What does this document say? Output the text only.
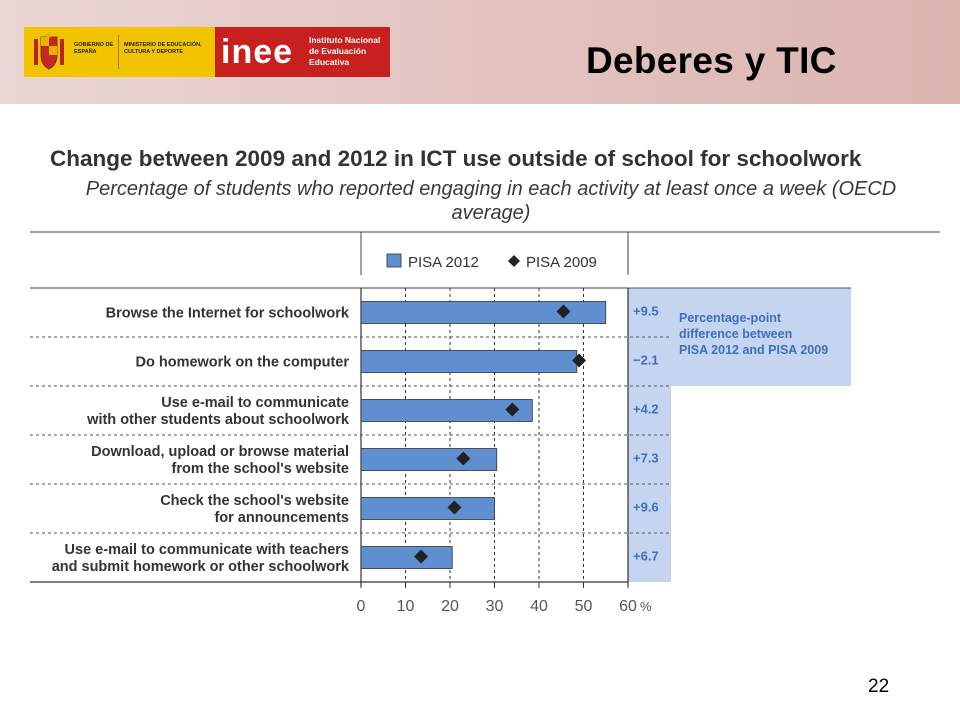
GOBIERNO DE ESPAÑA
MINISTERIO DE EDUCACIÓN, CULTURA Y DEPORTE	inee Instituto Nacional de Evaluación Educativa	Deberes y TIC
Change between 2009 and 2012 in ICT use outside of school for schoolwork
Percentage of students who reported engaging in each activity at least once a week (OECD average)
PISA 2012	PISA 2009
Percentage-point
difference between
PISA 2012 and PISA 2009
Browse the Internet for schoolwork	+9.5
Do homework on the computer	−2.1
Use e-mail to communicate
with other students about schoolwork
+4.2
Download, upload or browse material
from the school's website
+7.3
Check the school's website
for announcements
+9.6
Use e-mail to communicate with teachers
and submit homework or other schoolwork
+6.7
0 10 20 30 40 50 60 %
22
